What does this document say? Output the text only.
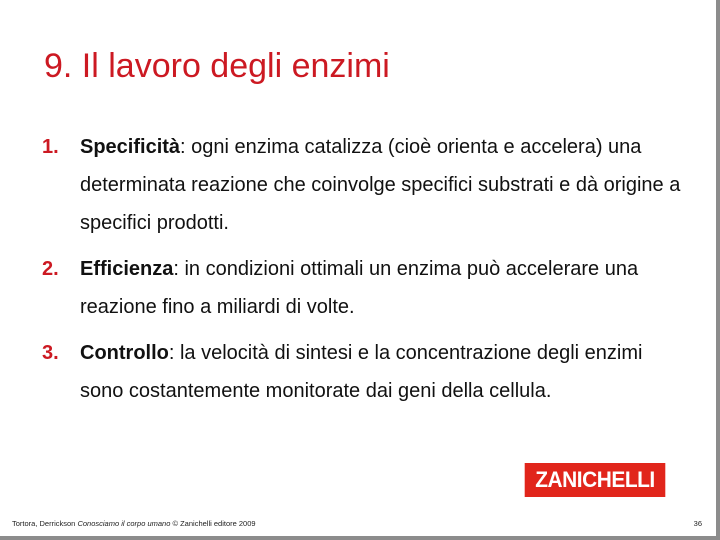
9. Il lavoro degli enzimi
1. Specificità: ogni enzima catalizza (cioè orienta e accelera) una determinata reazione che coinvolge specifici substrati e dà origine a specifici prodotti.
2. Efficienza: in condizioni ottimali un enzima può accelerare una reazione fino a miliardi di volte.
3. Controllo: la velocità di sintesi e la concentrazione degli enzimi sono costantemente monitorate dai geni della cellula.
ZANICHELLI
Tortora, Derrickson Conosciamo il corpo umano © Zanichelli editore 2009	36
